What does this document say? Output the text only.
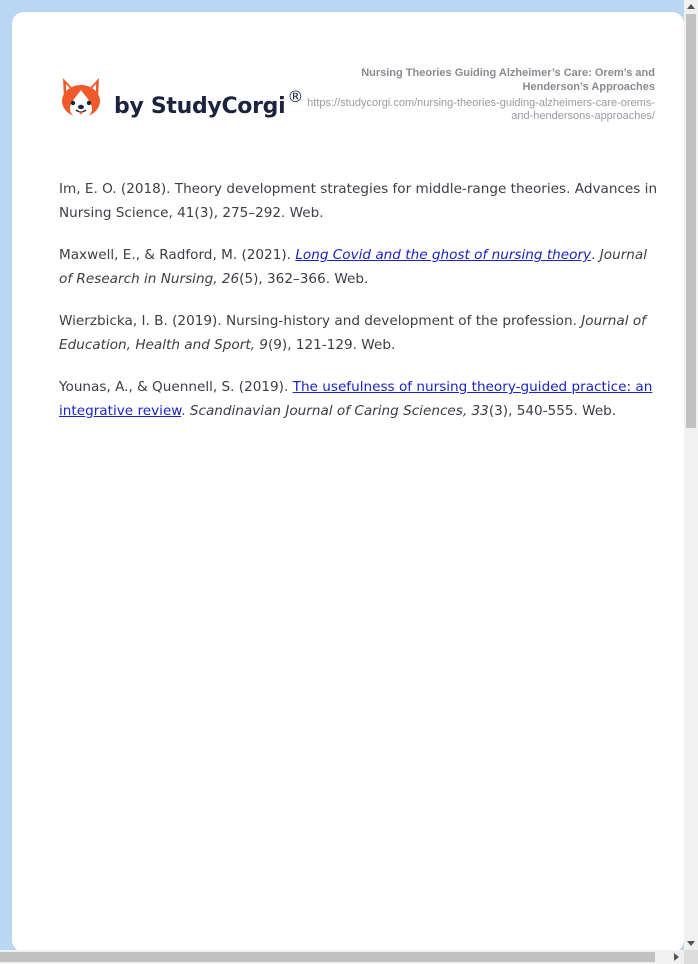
by StudyCorgi ®
Nursing Theories Guiding Alzheimer’s Care: Orem’s and Henderson’s Approaches
https://studycorgi.com/nursing-theories-guiding-alzheimers-care-orems-and-hendersons-approaches/

Im, E. O. (2018). Theory development strategies for middle-range theories. Advances in Nursing Science, 41(3), 275–292. Web.

Maxwell, E., & Radford, M. (2021). Long Covid and the ghost of nursing theory. Journal of Research in Nursing, 26(5), 362–366. Web.

Wierzbicka, I. B. (2019). Nursing-history and development of the profession. Journal of Education, Health and Sport, 9(9), 121-129. Web.

Younas, A., & Quennell, S. (2019). The usefulness of nursing theory-guided practice: an integrative review. Scandinavian Journal of Caring Sciences, 33(3), 540-555. Web.
